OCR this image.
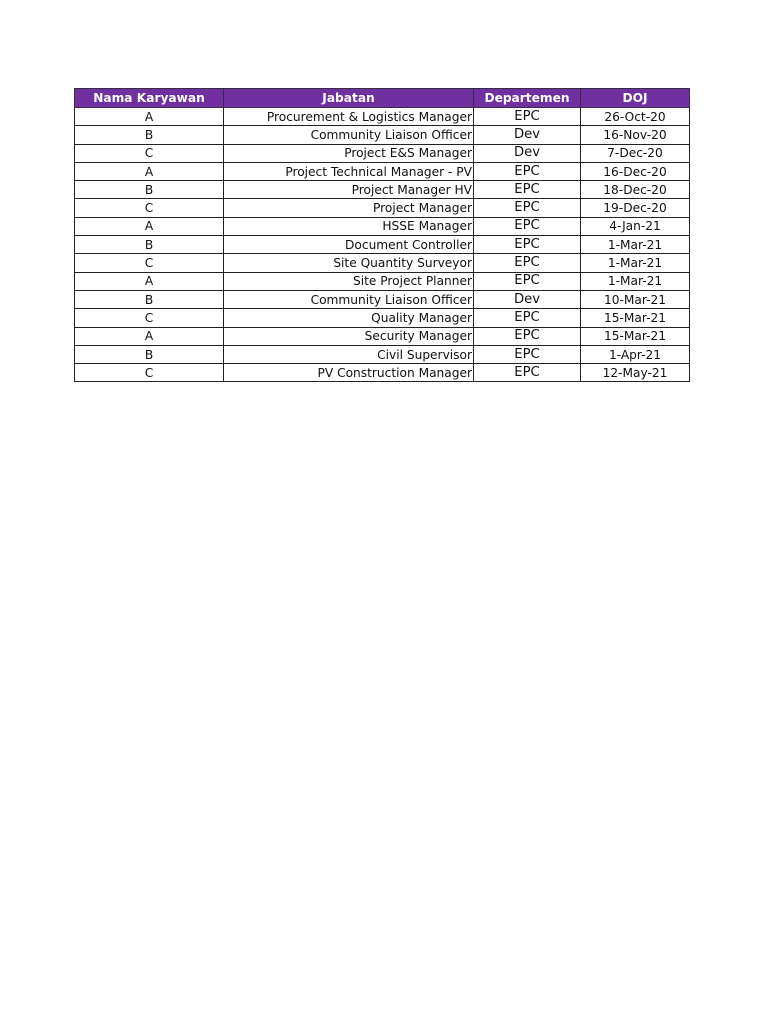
Nama Karyawan	Jabatan	Departemen	DOJ
A	Procurement & Logistics Manager	EPC	26-Oct-20
B	Community Liaison Officer	Dev	16-Nov-20
C	Project E&S Manager	Dev	7-Dec-20
A	Project Technical Manager - PV	EPC	16-Dec-20
B	Project Manager HV	EPC	18-Dec-20
C	Project Manager	EPC	19-Dec-20
A	HSSE Manager	EPC	4-Jan-21
B	Document Controller	EPC	1-Mar-21
C	Site Quantity Surveyor	EPC	1-Mar-21
A	Site Project Planner	EPC	1-Mar-21
B	Community Liaison Officer	Dev	10-Mar-21
C	Quality Manager	EPC	15-Mar-21
A	Security Manager	EPC	15-Mar-21
B	Civil Supervisor	EPC	1-Apr-21
C	PV Construction Manager	EPC	12-May-21
